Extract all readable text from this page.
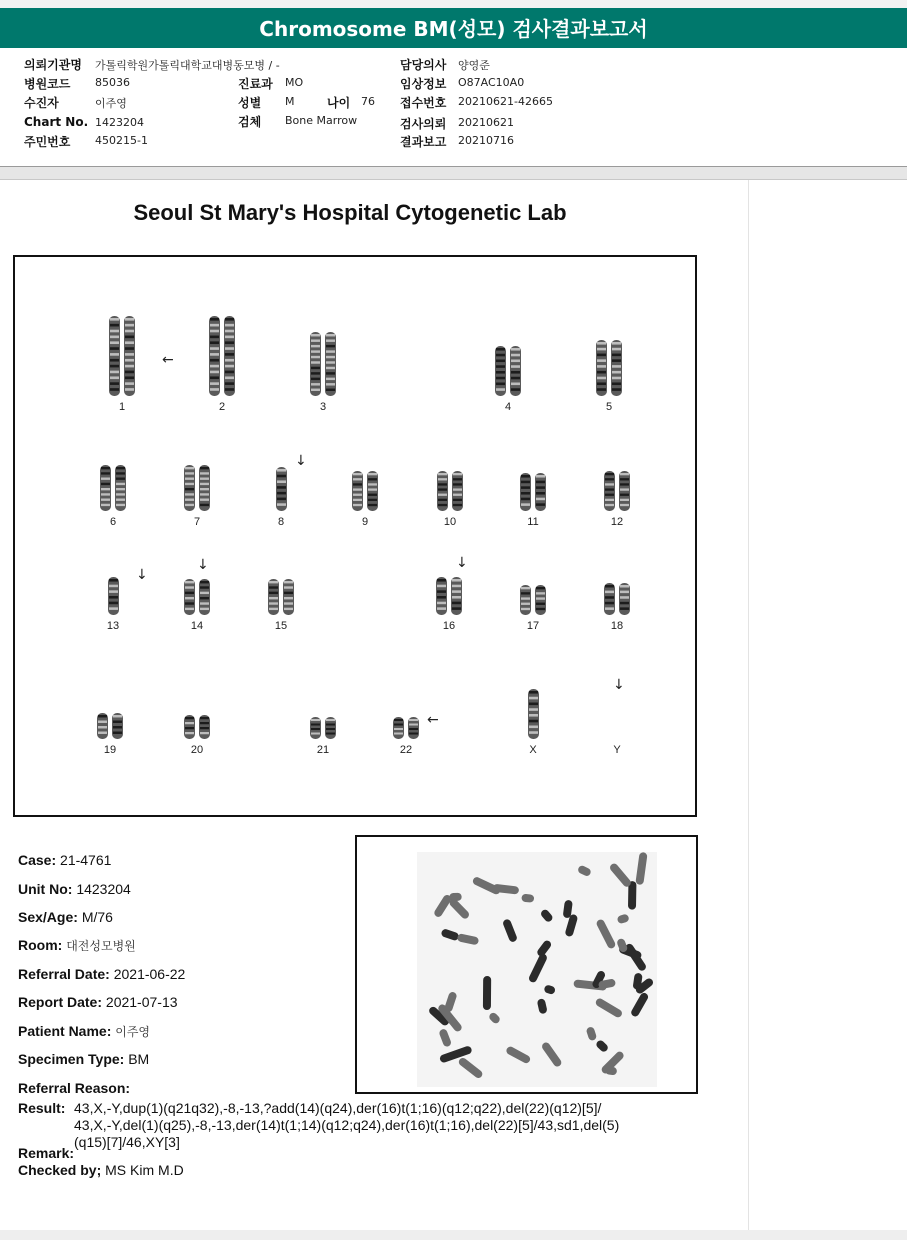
Chromosome BM(성모) 검사결과보고서
의뢰기관명 가톨릭학원가톨릭대학교대병동모병 / -	담당의사 양영준
병원코드 85036	진료과 MO	임상정보 O87AC10A0
수진자	이주영	성별 M	나이 76 접수번호 20210621-42665
Chart No. 1423204	검체 Bone Marrow	검사의뢰 20210621
주민번호 450215-1	결과보고 20210716
Seoul St Mary's Hospital Cytogenetic Lab
1	2	3	4	5
6	7	8	9	10	11	12
13	14	15	16	17	18
19	20	21	22	X	Y
←
↓
↓
↓	↓
←
↓
Case: 21-4761
Unit No: 1423204
Sex/Age: M/76
Room: 대전성모병원
Referral Date: 2021-06-22
Report Date: 2021-07-13
Patient Name: 이주영
Specimen Type: BM
Referral Reason:
Result: 43,X,-Y,dup(1)(q21q32),-8,-13,?add(14)(q24),der(16)t(1;16)(q12;q22),del(22)(q12)[5]/
43,X,-Y,del(1)(q25),-8,-13,der(14)t(1;14)(q12;q24),der(16)t(1;16),del(22)[5]/43,sd1,del(5)
(q15)[7]/46,XY[3]
Remark:
Checked by; MS Kim M.D
